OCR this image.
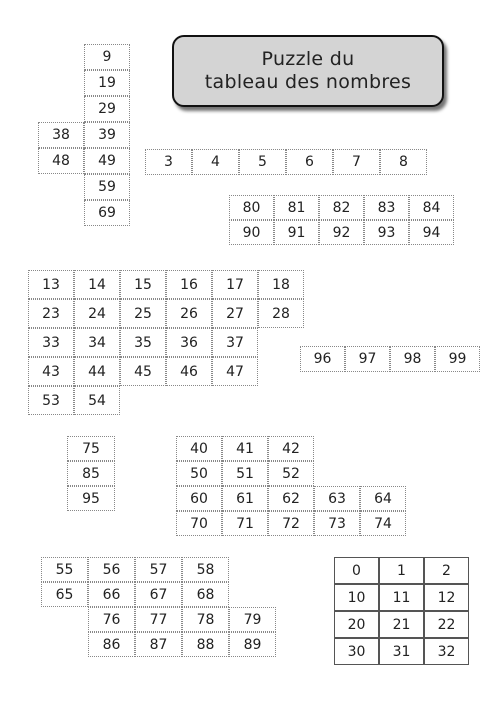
Puzzle du
tableau des nombres
9
19
29
38	39
48	49
59
69
3	4	5	6	7	8
80	81	82	83	84
90	91	92	93	94
13	14	15	16	17	18
23	24	25	26	27	28
33	34	35	36	37
43	44	45	46	47
53	54
96	97	98	99
75
85
95
40	41	42
50	51	52
60	61	62	63	64
70	71	72	73	74
55	56	57	58
65	66	67	68
76	77	78	79
86	87	88	89
0	1	2
10	11	12
20	21	22
30	31	32
